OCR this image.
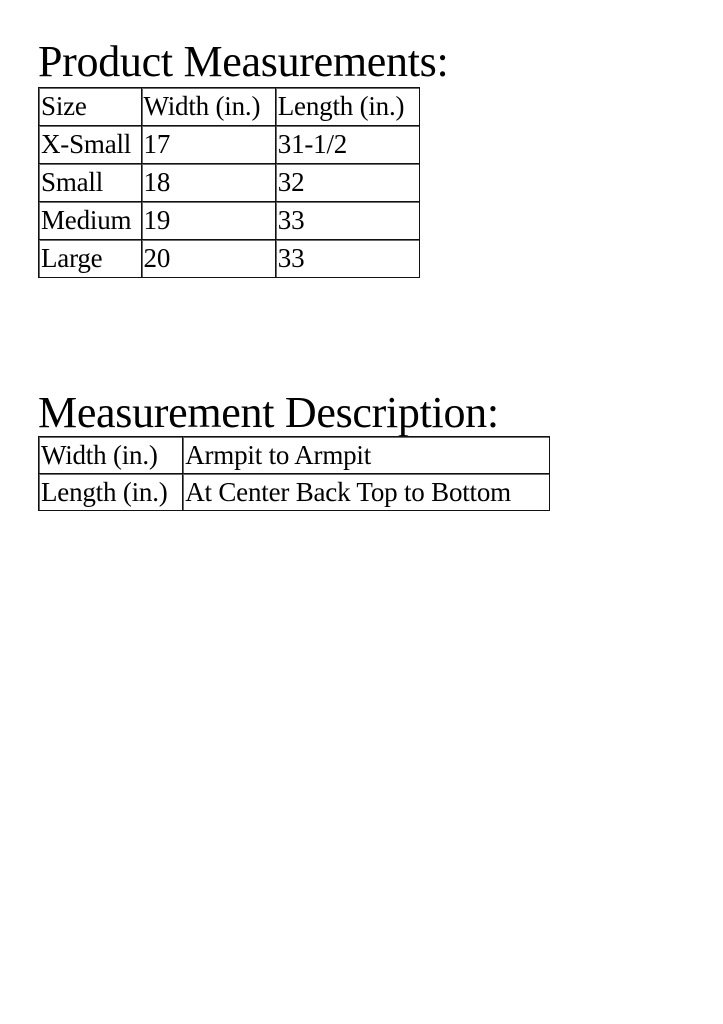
Product Measurements:
Size	Width (in.)	Length (in.)
X-Small	17	31-1/2
Small	18	32
Medium	19	33
Large	20	33
Measurement Description:
Width (in.)	Armpit to Armpit
Length (in.)	At Center Back Top to Bottom
